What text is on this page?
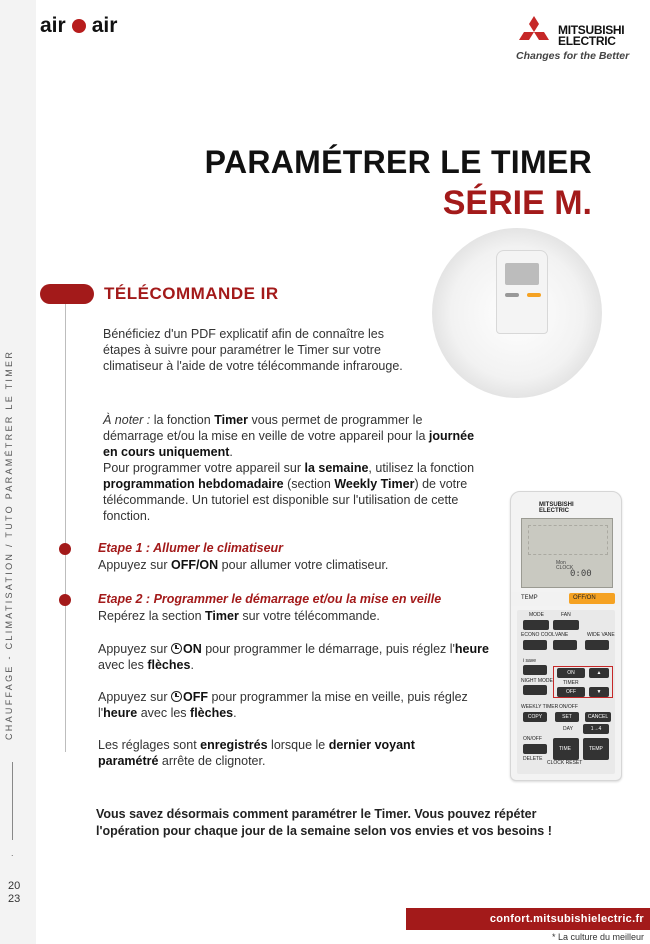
CHAUFFAGE - CLIMATISATION / TUTO PARAMÉTRER LE TIMER
.
20
23
air air	MITSUBISHI
ELECTRIC
Changes for the Better
PARAMÉTRER LE TIMER
SÉRIE M.
TÉLÉCOMMANDE IR
Bénéficiez d'un PDF explicatif afin de connaître les étapes à suivre pour paramétrer le Timer sur votre climatiseur à l'aide de votre télécommande infrarouge.
À noter : la fonction Timer vous permet de programmer le démarrage et/ou la mise en veille de votre appareil pour la journée en cours uniquement.
Pour programmer votre appareil sur la semaine, utilisez la fonction programmation hebdomadaire (section Weekly Timer) de votre télécommande. Un tutoriel est disponible sur l'utilisation de cette fonction.
Etape 1 : Allumer le climatiseur
Appuyez sur OFF/ON pour allumer votre climatiseur.
Etape 2 : Programmer le démarrage et/ou la mise en veille
Repérez la section Timer sur votre télécommande.
Appuyez sur ON pour programmer le démarrage, puis réglez l'heure avec les flèches.
Appuyez sur OFF pour programmer la mise en veille, puis réglez l'heure avec les flèches.
Les réglages sont enregistrés lorsque le dernier voyant paramétré arrête de clignoter.
MITSUBISHI
ELECTRIC
Mon
CLOCK
0:00
TEMP	OFF/ON
MODE	FAN
ECONO COOL VANE	WIDE VANE
i save
NIGHT MODE
ON	▲
TIMER
OFF	▼
WEEKLY TIMER ON/OFF
COPY	SET	CANCEL
DAY	1→4
ON/OFF
DELETE
TIME	TEMP
CLOCK RESET
Vous savez désormais comment paramétrer le Timer. Vous pouvez répéter l'opération pour chaque jour de la semaine selon vos envies et vos besoins !
confort.mitsubishielectric.fr
* La culture du meilleur
